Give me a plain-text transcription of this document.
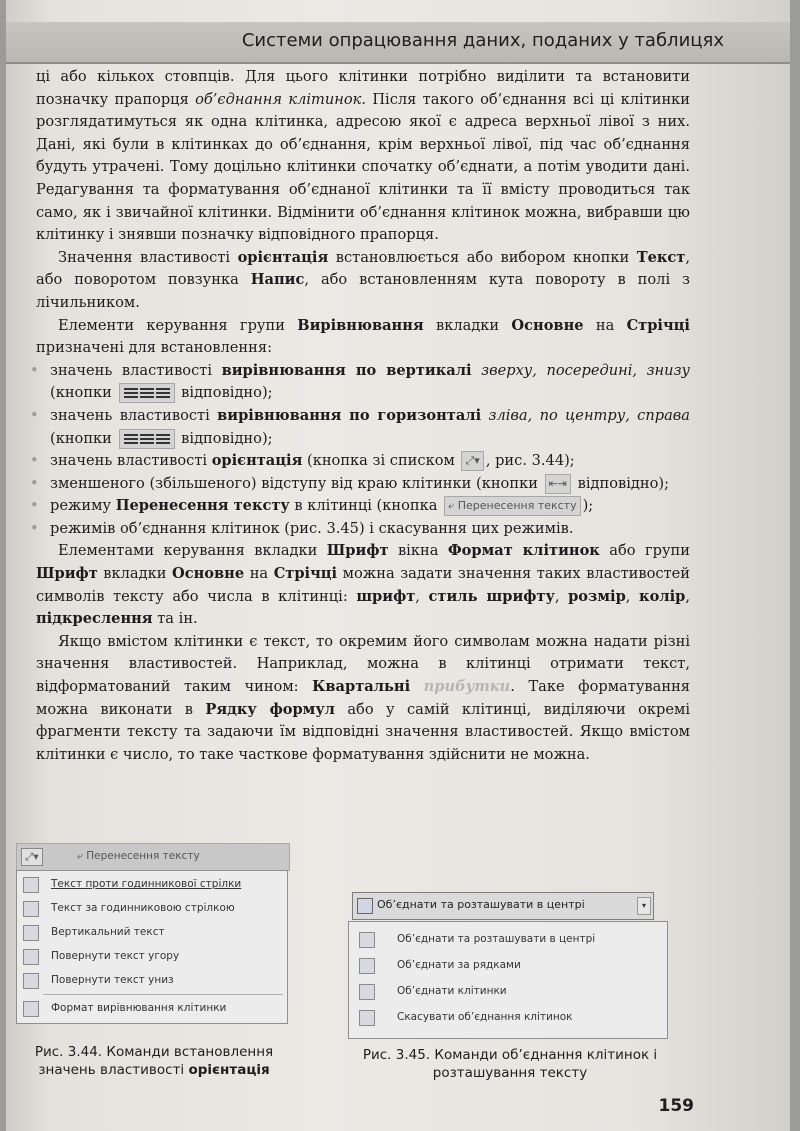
Системи опрацювання даних, поданих у таблицях

ці або кількох стовпців. Для цього клітинки потрібно виділити та встановити позначку прапорця об’єднання клітинок. Після такого об’єднання всі ці клітинки розглядатимуться як одна клітинка, адресою якої є адреса верхньої лівої з них. Дані, які були в клітинках до об’єднання, крім верхньої лівої, під час об’єднання будуть утрачені. Тому доцільно клітинки спочатку об’єднати, а потім уводити дані. Редагування та форматування об’єднаної клітинки та її вмісту проводиться так само, як і звичайної клітинки. Відмінити об’єднання клітинок можна, вибравши цю клітинку і знявши позначку відповідного прапорця.

Значення властивості орієнтація встановлюється або вибором кнопки Текст, або поворотом повзунка Напис, або встановленням кута повороту в полі з лічильником.

Елементи керування групи Вирівнювання вкладки Основне на Стрічці призначені для встановлення:

• значень властивості вирівнювання по вертикалі зверху, посередині, знизу (кнопки	відповідно);

• значень властивості вирівнювання по горизонталі зліва, по центру, справа (кнопки	відповідно);

• значень властивості орієнтація (кнопка зі списком ⤢▾ , рис. 3.44);

• зменшеного (збільшеного) відступу від краю клітинки (кнопки ⇤⇥ відповідно);

• режиму Перенесення тексту в клітинці (кнопка ⤶ Перенесення тексту );

• режимів об’єднання клітинок (рис. 3.45) і скасування цих режимів.

Елементами керування вкладки Шрифт вікна Формат клітинок або групи Шрифт вкладки Основне на Стрічці можна задати значення таких властивостей символів тексту або числа в клітинці: шрифт, стиль шрифту, розмір, колір, підкреслення та ін.

Якщо вмістом клітинки є текст, то окремим його символам можна надати різні значення властивостей. Наприклад, можна в клітинці отримати текст, відформатований таким чином: Квартальні прибутки. Таке форматування можна виконати в Рядку формул або у самій клітинці, виділяючи окремі фрагменти тексту та задаючи їм відповідні значення властивостей. Якщо вмістом клітинки є число, то таке часткове форматування здійснити не можна.

⤢▾	⤶ Перенесення тексту
Текст проти годинникової стрілки
Текст за годинниковою стрілкою
Вертикальний текст
Повернути текст угору
Повернути текст униз
Формат вирівнювання клітинки
Рис. 3.44. Команди встановлення значень властивості орієнтація
Об’єднати та розташувати в центрі	▾
Об’єднати та розташувати в центрі
Об’єднати за рядками
Об’єднати клітинки
Скасувати об’єднання клітинок
Рис. 3.45. Команди об’єднання клітинок і розташування тексту
159
